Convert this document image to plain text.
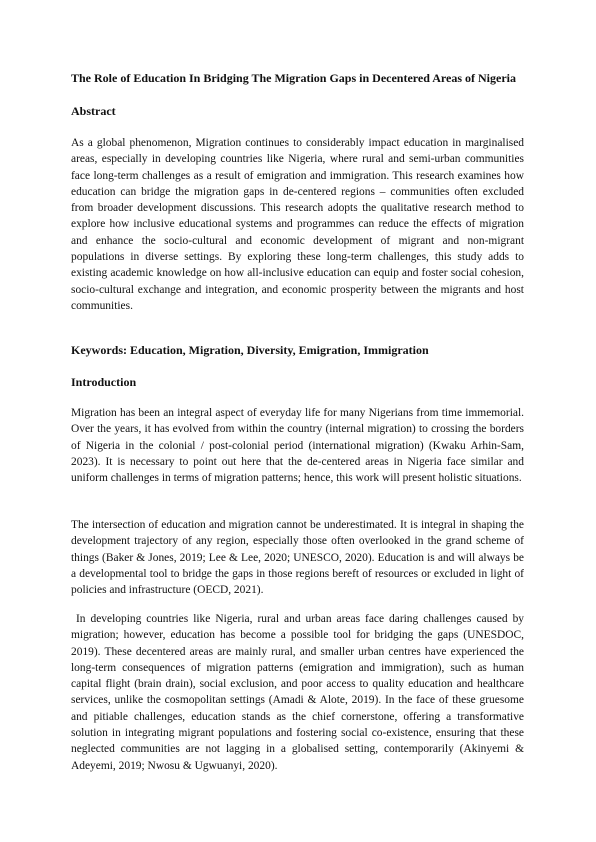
The Role of Education In Bridging The Migration Gaps in Decentered Areas of Nigeria
Abstract

As a global phenomenon, Migration continues to considerably impact education in marginalised areas, especially in developing countries like Nigeria, where rural and semi-urban communities face long-term challenges as a result of emigration and immigration. This research examines how education can bridge the migration gaps in de-centered regions – communities often excluded from broader development discussions. This research adopts the qualitative research method to explore how inclusive educational systems and programmes can reduce the effects of migration and enhance the socio-cultural and economic development of migrant and non-migrant populations in diverse settings. By exploring these long-term challenges, this study adds to existing academic knowledge on how all-inclusive education can equip and foster social cohesion, socio-cultural exchange and integration, and economic prosperity between the migrants and host communities.

Keywords: Education, Migration, Diversity, Emigration, Immigration
Introduction

Migration has been an integral aspect of everyday life for many Nigerians from time immemorial. Over the years, it has evolved from within the country (internal migration) to crossing the borders of Nigeria in the colonial / post-colonial period (international migration) (Kwaku Arhin-Sam, 2023). It is necessary to point out here that the de-centered areas in Nigeria face similar and uniform challenges in terms of migration patterns; hence, this work will present holistic situations.

The intersection of education and migration cannot be underestimated. It is integral in shaping the development trajectory of any region, especially those often overlooked in the grand scheme of things (Baker & Jones, 2019; Lee & Lee, 2020; UNESCO, 2020). Education is and will always be a developmental tool to bridge the gaps in those regions bereft of resources or excluded in light of policies and infrastructure (OECD, 2021).

In developing countries like Nigeria, rural and urban areas face daring challenges caused by migration; however, education has become a possible tool for bridging the gaps (UNESDOC, 2019). These decentered areas are mainly rural, and smaller urban centres have experienced the long-term consequences of migration patterns (emigration and immigration), such as human capital flight (brain drain), social exclusion, and poor access to quality education and healthcare services, unlike the cosmopolitan settings (Amadi & Alote, 2019). In the face of these gruesome and pitiable challenges, education stands as the chief cornerstone, offering a transformative solution in integrating migrant populations and fostering social co-existence, ensuring that these neglected communities are not lagging in a globalised setting, contemporarily (Akinyemi & Adeyemi, 2019; Nwosu & Ugwuanyi, 2020).
